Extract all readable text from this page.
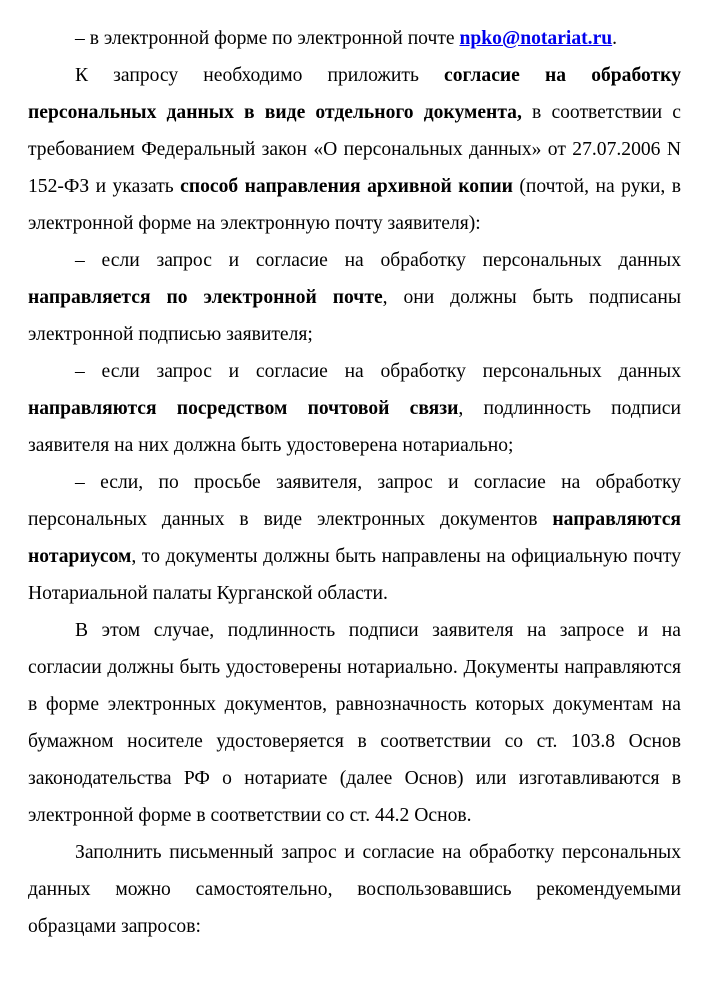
– в электронной форме по электронной почте npko@notariat.ru.

К запросу необходимо приложить согласие на обработку персональных данных в виде отдельного документа, в соответствии с требованием Федеральный закон «О персональных данных» от 27.07.2006 N 152-ФЗ и указать способ направления архивной копии (почтой, на руки, в электронной форме на электронную почту заявителя):

– если запрос и согласие на обработку персональных данных направляется по электронной почте, они должны быть подписаны электронной подписью заявителя;

– если запрос и согласие на обработку персональных данных направляются посредством почтовой связи, подлинность подписи заявителя на них должна быть удостоверена нотариально;

– если, по просьбе заявителя, запрос и согласие на обработку персональных данных в виде электронных документов направляются нотариусом, то документы должны быть направлены на официальную почту Нотариальной палаты Курганской области.

В этом случае, подлинность подписи заявителя на запросе и на согласии должны быть удостоверены нотариально. Документы направляются в форме электронных документов, равнозначность которых документам на бумажном носителе удостоверяется в соответствии со ст. 103.8 Основ законодательства РФ о нотариате (далее Основ) или изготавливаются в электронной форме в соответствии со ст. 44.2 Основ.

Заполнить письменный запрос и согласие на обработку персональных данных можно самостоятельно, воспользовавшись рекомендуемыми образцами запросов:
